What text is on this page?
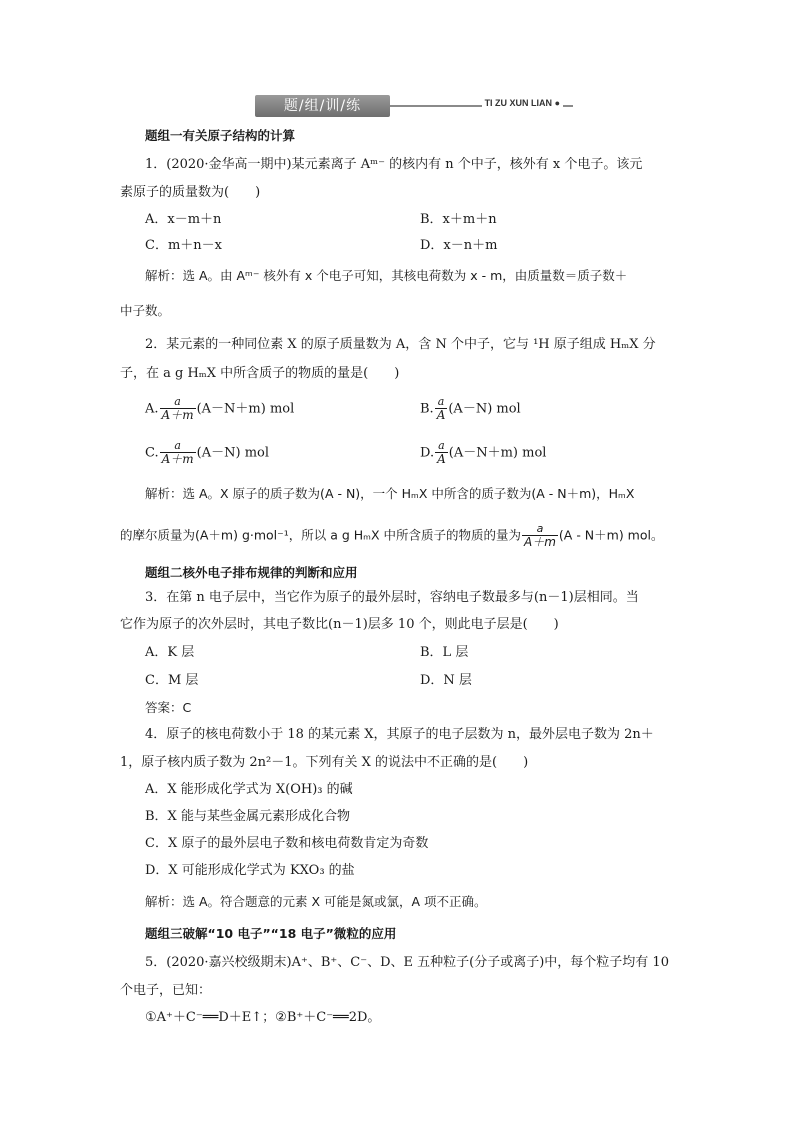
题/组/训/练	TI ZU XUN LIAN ●
题组一有关原子结构的计算
1．(2020·金华高一期中)某元素离子 Aᵐ⁻ 的核内有 n 个中子，核外有 x 个电子。该元
素原子的质量数为(　　)
A．x－m＋n	B．x＋m＋n
C．m＋n－x	D．x－n＋m
解析：选 A。由 Aᵐ⁻ 核外有 x 个电子可知，其核电荷数为 x - m，由质量数＝质子数＋
中子数。
2．某元素的一种同位素 X 的原子质量数为 A，含 N 个中子，它与 ¹H 原子组成 HₘX 分
子，在 a g HₘX 中所含质子的物质的量是(　　)
A. $\frac{a}{A+m} (A-N+m)$ mol	B. $\frac{a}{A} (A-N)$ mol
C. $\frac{a}{A+m} (A-N)$ mol	D. $\frac{a}{A} (A-N+m)$ mol
解析：选 A。X 原子的质子数为(A - N)，一个 HₘX 中所含的质子数为(A - N＋m)，HₘX
的摩尔质量为(A＋m) g·mol⁻¹，所以 a g HₘX 中所含质子的物质的量为 $\frac{a}{A+m} (A - N+m)$ mol。
题组二核外电子排布规律的判断和应用
3．在第 n 电子层中，当它作为原子的最外层时，容纳电子数最多与(n－1)层相同。当
它作为原子的次外层时，其电子数比(n－1)层多 10 个，则此电子层是(　　)
A．K 层	B．L 层
C．M 层	D．N 层
答案：C
4．原子的核电荷数小于 18 的某元素 X，其原子的电子层数为 n，最外层电子数为 2n＋
1，原子核内质子数为 2n²－1。下列有关 X 的说法中不正确的是(　　)
A．X 能形成化学式为 X(OH)₃ 的碱
B．X 能与某些金属元素形成化合物
C．X 原子的最外层电子数和核电荷数肯定为奇数
D．X 可能形成化学式为 KXO₃ 的盐
解析：选 A。符合题意的元素 X 可能是氮或氯，A 项不正确。
题组三破解“10 电子”“18 电子”微粒的应用
5．(2020·嘉兴校级期末)A⁺、B⁺、C⁻、D、E 五种粒子(分子或离子)中，每个粒子均有 10
个电子，已知：
①A⁺＋C⁻══D＋E↑；②B⁺＋C⁻══2D。
